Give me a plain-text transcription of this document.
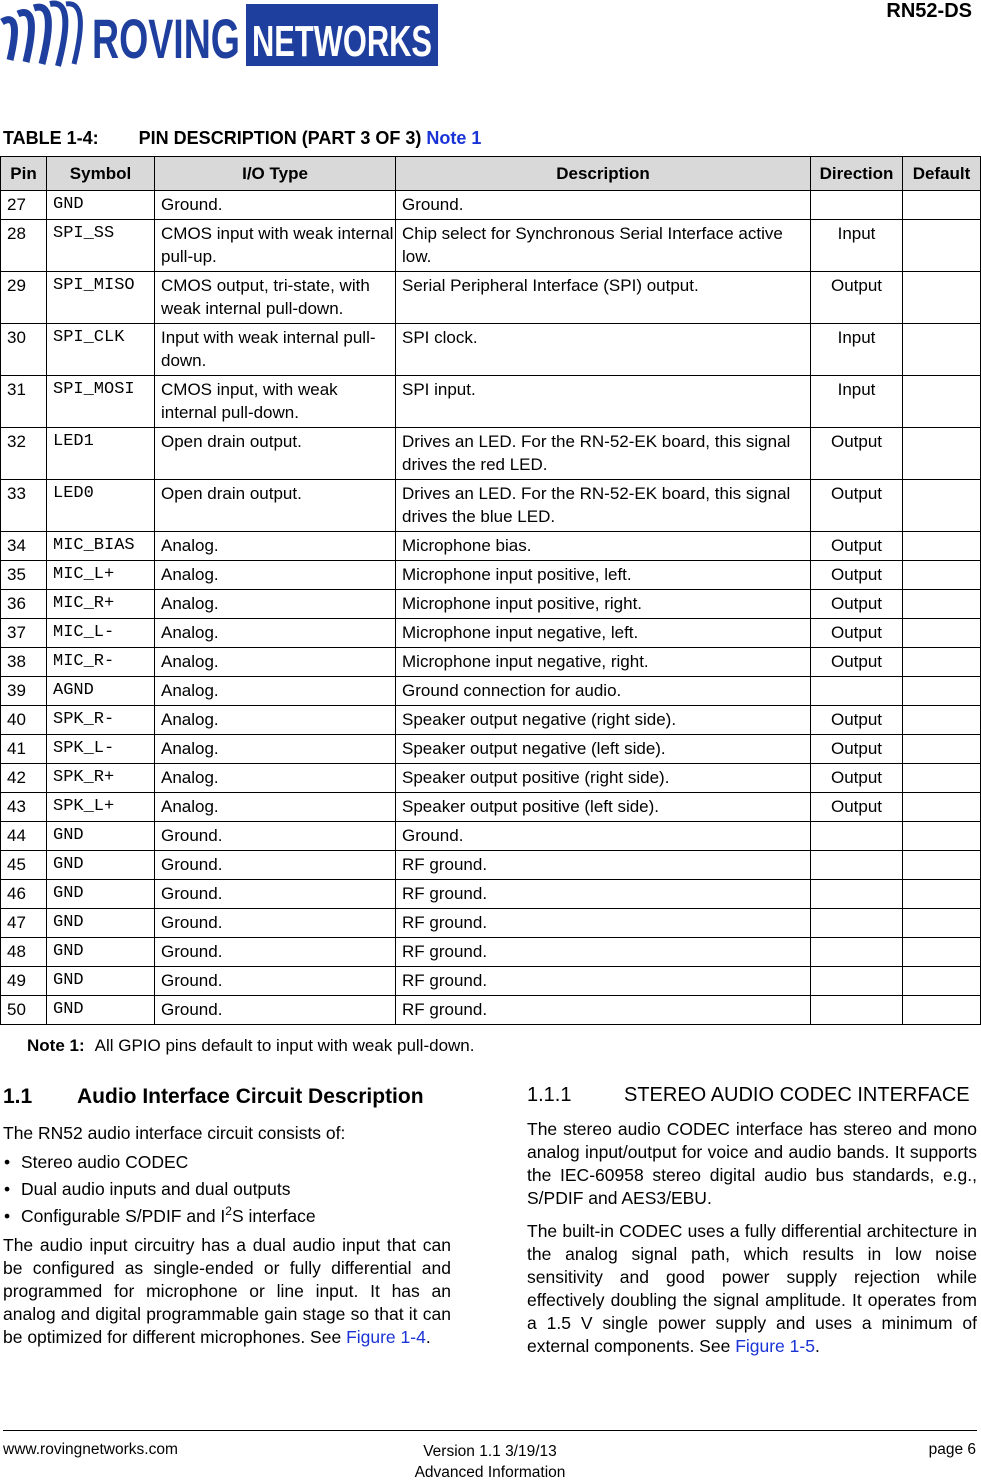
ROVING NETWORKS
RN52-DS
TABLE 1-4: PIN DESCRIPTION (PART 3 OF 3) Note 1
Pin	Symbol	I/O Type	Description	Direction	Default
27	GND	Ground.	Ground.		
28	SPI_SS	CMOS input with weak internal pull-up.	Chip select for Synchronous Serial Interface active low.	Input	
29	SPI_MISO	CMOS output, tri-state, with weak internal pull-down.	Serial Peripheral Interface (SPI) output.	Output	
30	SPI_CLK	Input with weak internal pull-down.	SPI clock.	Input	
31	SPI_MOSI	CMOS input, with weak internal pull-down.	SPI input.	Input	
32	LED1	Open drain output.	Drives an LED. For the RN-52-EK board, this signal drives the red LED.	Output	
33	LED0	Open drain output.	Drives an LED. For the RN-52-EK board, this signal drives the blue LED.	Output	
34	MIC_BIAS	Analog.	Microphone bias.	Output	
35	MIC_L+	Analog.	Microphone input positive, left.	Output	
36	MIC_R+	Analog.	Microphone input positive, right.	Output	
37	MIC_L-	Analog.	Microphone input negative, left.	Output	
38	MIC_R-	Analog.	Microphone input negative, right.	Output	
39	AGND	Analog.	Ground connection for audio.		
40	SPK_R-	Analog.	Speaker output negative (right side).	Output	
41	SPK_L-	Analog.	Speaker output negative (left side).	Output	
42	SPK_R+	Analog.	Speaker output positive (right side).	Output	
43	SPK_L+	Analog.	Speaker output positive (left side).	Output	
44	GND	Ground.	Ground.		
45	GND	Ground.	RF ground.		
46	GND	Ground.	RF ground.		
47	GND	Ground.	RF ground.		
48	GND	Ground.	RF ground.		
49	GND	Ground.	RF ground.		
50	GND	Ground.	RF ground.		
Note 1: All GPIO pins default to input with weak pull-down.
1.1	Audio Interface Circuit Description

The RN52 audio interface circuit consists of:

• Stereo audio CODEC
• Dual audio inputs and dual outputs
• Configurable S/PDIF and $I^2S$ interface

The audio input circuitry has a dual audio input that can be configured as single-ended or fully differential and programmed for microphone or line input. It has an analog and digital programmable gain stage so that it can be optimized for different microphones. See Figure 1-4.

1.1.1	STEREO AUDIO CODEC INTERFACE

The stereo audio CODEC interface has stereo and mono analog input/output for voice and audio bands. It supports the IEC-60958 stereo digital audio bus standards, e.g., S/PDIF and AES3/EBU.

The built-in CODEC uses a fully differential architecture in the analog signal path, which results in low noise sensitivity and good power supply rejection while effectively doubling the signal amplitude. It operates from a 1.5 V single power supply and uses a minimum of external components. See Figure 1-5.

www.rovingnetworks.com	Version 1.1 3/19/13
Advanced Information
page 6
